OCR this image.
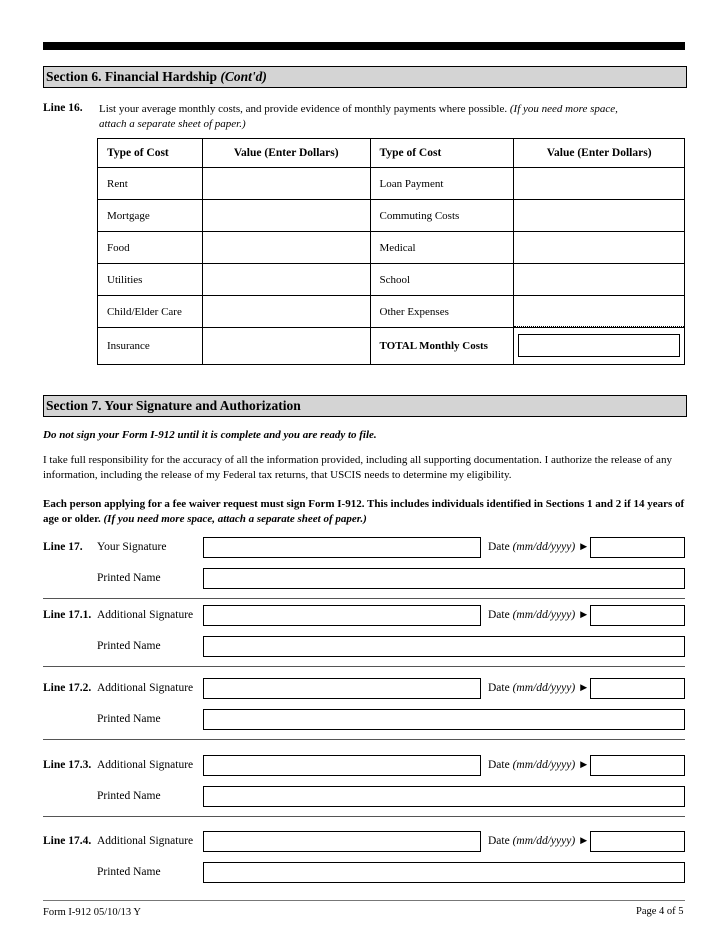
Section 6. Financial Hardship (Cont'd)
Line 16. List your average monthly costs, and provide evidence of monthly payments where possible. (If you need more space,
attach a separate sheet of paper.)

Type of Cost	Value (Enter Dollars)	Type of Cost	Value (Enter Dollars)
Rent		Loan Payment	
Mortgage		Commuting Costs	
Food		Medical	
Utilities		School	
Child/Elder Care		Other Expenses	
Insurance		TOTAL Monthly Costs	
Section 7. Your Signature and Authorization

Do not sign your Form I-912 until it is complete and you are ready to file.

I take full responsibility for the accuracy of all the information provided, including all supporting documentation. I authorize the release of any information, including the release of my Federal tax returns, that USCIS needs to determine my eligibility.

Each person applying for a fee waiver request must sign Form I-912. This includes individuals identified in Sections 1 and 2 if 14 years of age or older. (If you need more space, attach a separate sheet of paper.)

Line 17. Your Signature	Date (mm/dd/yyyy) ►
Printed Name
Line 17.1. Additional Signature	Date (mm/dd/yyyy) ►
Printed Name
Line 17.2. Additional Signature	Date (mm/dd/yyyy) ►
Printed Name
Line 17.3. Additional Signature	Date (mm/dd/yyyy) ►
Printed Name
Line 17.4. Additional Signature	Date (mm/dd/yyyy) ►
Printed Name
Form I-912 05/10/13 Y	Page 4 of 5
